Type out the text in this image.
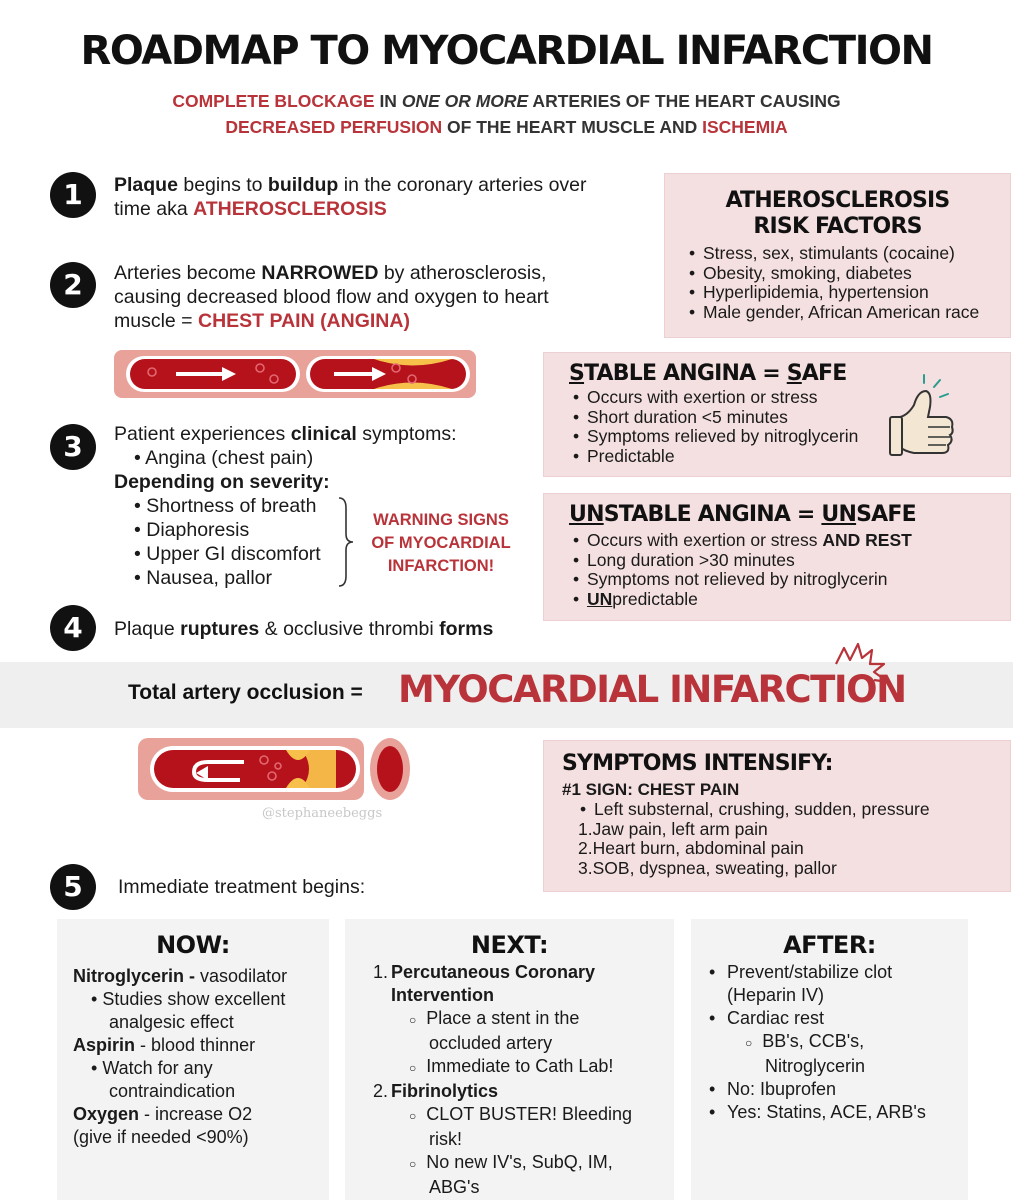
ROADMAP TO MYOCARDIAL INFARCTION
COMPLETE BLOCKAGE IN ONE OR MORE ARTERIES OF THE HEART CAUSING
DECREASED PERFUSION OF THE HEART MUSCLE AND ISCHEMIA
1	Plaque begins to buildup in the coronary arteries over
time aka ATHEROSCLEROSIS
2	Arteries become NARROWED by atherosclerosis,
causing decreased blood flow and oxygen to heart
muscle = CHEST PAIN (ANGINA)
3	Patient experiences clinical symptoms:
• Angina (chest pain)
Depending on severity:
• Shortness of breath
• Diaphoresis
• Upper GI discomfort
• Nausea, pallor
WARNING SIGNS
OF MYOCARDIAL
INFARCTION!
4	Plaque ruptures & occlusive thrombi forms
ATHEROSCLEROSIS
RISK FACTORS
• Stress, sex, stimulants (cocaine)
• Obesity, smoking, diabetes
• Hyperlipidemia, hypertension
• Male gender, African American race
STABLE ANGINA = SAFE
• Occurs with exertion or stress
• Short duration <5 minutes
• Symptoms relieved by nitroglycerin
• Predictable
UNSTABLE ANGINA = UNSAFE
• Occurs with exertion or stress AND REST
• Long duration >30 minutes
• Symptoms not relieved by nitroglycerin
• UNpredictable
Total artery occlusion = MYOCARDIAL INFARCTION
@stephaneebeggs
SYMPTOMS INTENSIFY:
#1 SIGN: CHEST PAIN
• Left substernal, crushing, sudden, pressure
1.Jaw pain, left arm pain
2.Heart burn, abdominal pain
3.SOB, dyspnea, sweating, pallor
5	Immediate treatment begins:
NOW:
Nitroglycerin - vasodilator
• Studies show excellent
analgesic effect
Aspirin - blood thinner
• Watch for any
contraindication
Oxygen - increase O2
(give if needed <90%)
NEXT:
1. Percutaneous Coronary
Intervention
○ Place a stent in the
occluded artery
○ Immediate to Cath Lab!
2. Fibrinolytics
○ CLOT BUSTER! Bleeding
risk!
○ No new IV's, SubQ, IM,
ABG's
AFTER:
• Prevent/stabilize clot
(Heparin IV)
• Cardiac rest
○ BB's, CCB's,
Nitroglycerin
• No: Ibuprofen
• Yes: Statins, ACE, ARB's
